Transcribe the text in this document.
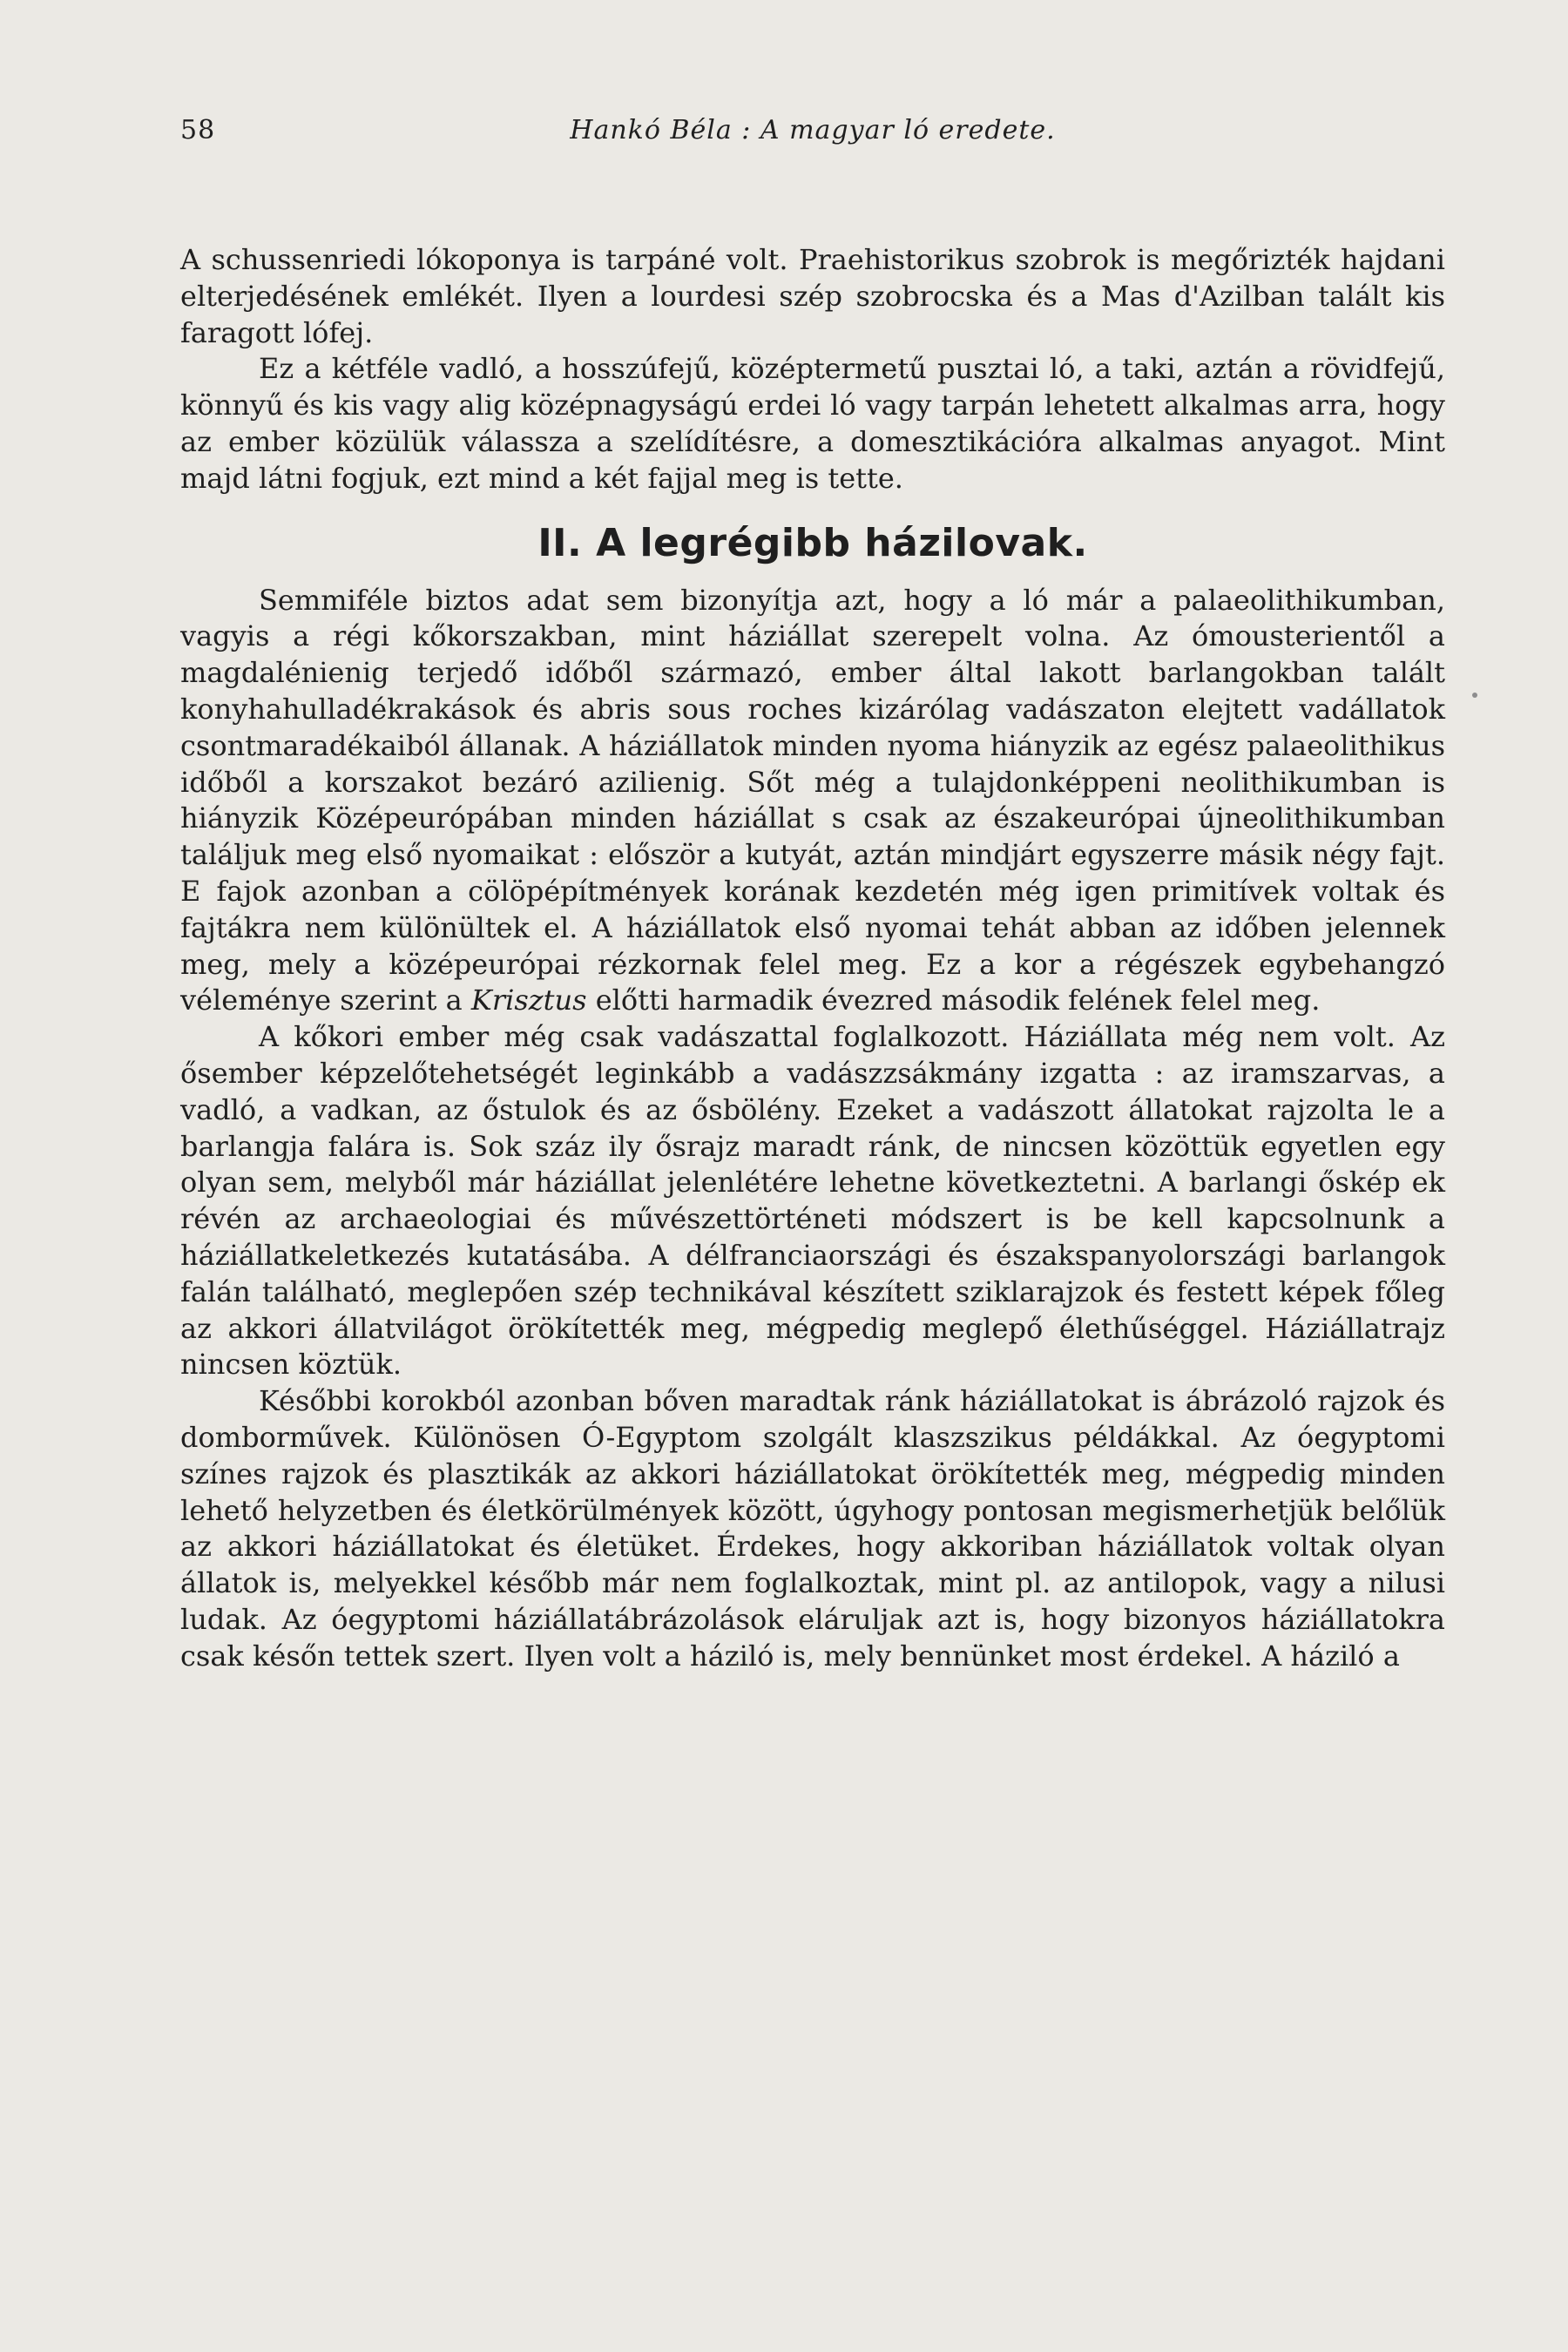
58	Hankó Béla : A magyar ló eredete.

A schussenriedi lókoponya is tarpáné volt. Praehistorikus szobrok is megőrizték hajdani elterjedésének emlékét. Ilyen a lourdesi szép szobrocska és a Mas d'Azilban talált kis faragott lófej.

Ez a kétféle vadló, a hosszúfejű, középtermetű pusztai ló, a taki, aztán a rövidfejű, könnyű és kis vagy alig középnagyságú erdei ló vagy tarpán lehetett alkalmas arra, hogy az ember közülük válassza a szelídítésre, a domesztikációra alkalmas anyagot. Mint majd látni fogjuk, ezt mind a két fajjal meg is tette.

II. A legrégibb házilovak.

Semmiféle biztos adat sem bizonyítja azt, hogy a ló már a palaeolithikumban, vagyis a régi kőkorszakban, mint háziállat szerepelt volna. Az ómousterientől a magdalénienig terjedő időből származó, ember által lakott barlangokban talált konyhahulladékrakások és abris sous roches kizárólag vadászaton elejtett vadállatok csontmaradékaiból állanak. A háziállatok minden nyoma hiányzik az egész palaeolithikus időből a korszakot bezáró azilienig. Sőt még a tulajdonképpeni neolithikumban is hiányzik Középeurópában minden háziállat s csak az északeurópai újneolithikumban találjuk meg első nyomaikat : először a kutyát, aztán mindjárt egyszerre másik négy fajt. E fajok azonban a cölöpépítmények korának kezdetén még igen primitívek voltak és fajtákra nem különültek el. A háziállatok első nyomai tehát abban az időben jelennek meg, mely a középeurópai rézkornak felel meg. Ez a kor a régészek egybehangzó véleménye szerint a Krisztus előtti harmadik évezred második felének felel meg.

A kőkori ember még csak vadászattal foglalkozott. Háziállata még nem volt. Az ősember képzelőtehetségét leginkább a vadászzsákmány izgatta : az iramszarvas, a vadló, a vadkan, az őstulok és az ősbölény. Ezeket a vadászott állatokat rajzolta le a barlangja falára is. Sok száz ily ősrajz maradt ránk, de nincsen közöttük egyetlen egy olyan sem, melyből már háziállat jelenlétére lehetne következtetni. A barlangi őskép ek révén az archaeologiai és művészettörténeti módszert is be kell kapcsolnunk a háziállatkeletkezés kutatásába. A délfranciaországi és északspanyolországi barlangok falán található, meglepően szép technikával készített sziklarajzok és festett képek főleg az akkori állatvilágot örökítették meg, mégpedig meglepő élethűséggel. Háziállatrajz nincsen köztük.

Későbbi korokból azonban bőven maradtak ránk háziállatokat is ábrázoló rajzok és domborművek. Különösen Ó-Egyptom szolgált klaszszikus példákkal. Az óegyptomi színes rajzok és plasztikák az akkori háziállatokat örökítették meg, mégpedig minden lehető helyzetben és életkörülmények között, úgyhogy pontosan megismerhetjük belőlük az akkori háziállatokat és életüket. Érdekes, hogy akkoriban háziállatok voltak olyan állatok is, melyekkel később már nem foglalkoztak, mint pl. az antilopok, vagy a nilusi ludak. Az óegyptomi háziállatábrázolások eláruljak azt is, hogy bizonyos háziállatokra csak későn tettek szert. Ilyen volt a háziló is, mely bennünket most érdekel. A háziló a
